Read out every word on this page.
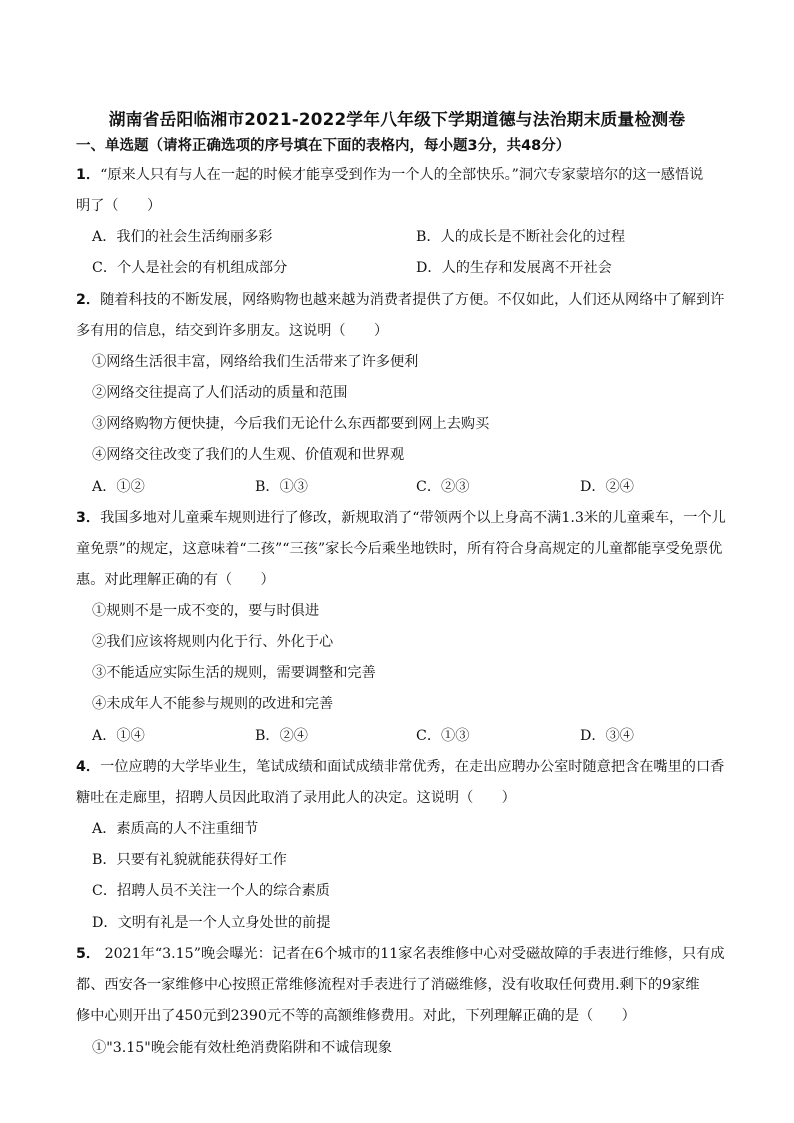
湖南省岳阳临湘市2021-2022学年八年级下学期道德与法治期末质量检测卷
一、单选题（请将正确选项的序号填在下面的表格内，每小题3分，共48分）
1．“原来人只有与人在一起的时候才能享受到作为一个人的全部快乐。”洞穴专家蒙培尔的这一感悟说
明了（　　）
A．我们的社会生活绚丽多彩	B．人的成长是不断社会化的过程
C．个人是社会的有机组成部分	D．人的生存和发展离不开社会
2．随着科技的不断发展，网络购物也越来越为消费者提供了方便。不仅如此，人们还从网络中了解到许
多有用的信息，结交到许多朋友。这说明（　　）
①网络生活很丰富，网络给我们生活带来了许多便利
②网络交往提高了人们活动的质量和范围
③网络购物方便快捷，今后我们无论什么东西都要到网上去购买
④网络交往改变了我们的人生观、价值观和世界观
A．①②	B．①③	C．②③	D．②④
3．我国多地对儿童乘车规则进行了修改，新规取消了“带领两个以上身高不满1.3米的儿童乘车，一个儿
童免票”的规定，这意味着“二孩”“三孩”家长今后乘坐地铁时，所有符合身高规定的儿童都能享受免票优
惠。对此理解正确的有（　　）
①规则不是一成不变的，要与时俱进
②我们应该将规则内化于行、外化于心
③不能适应实际生活的规则，需要调整和完善
④未成年人不能参与规则的改进和完善
A．①④	B．②④	C．①③	D．③④
4．一位应聘的大学毕业生，笔试成绩和面试成绩非常优秀，在走出应聘办公室时随意把含在嘴里的口香
糖吐在走廊里，招聘人员因此取消了录用此人的决定。这说明（　　）
A．素质高的人不注重细节
B．只要有礼貌就能获得好工作
C．招聘人员不关注一个人的综合素质
D．文明有礼是一个人立身处世的前提
5． 2021年“3.15”晚会曝光：记者在6个城市的11家名表维修中心对受磁故障的手表进行维修，只有成
都、西安各一家维修中心按照正常维修流程对手表进行了消磁维修，没有收取任何费用.剩下的9家维
修中心则开出了450元到2390元不等的高额维修费用。对此，下列理解正确的是（　　）
①"3.15"晚会能有效杜绝消费陷阱和不诚信现象
